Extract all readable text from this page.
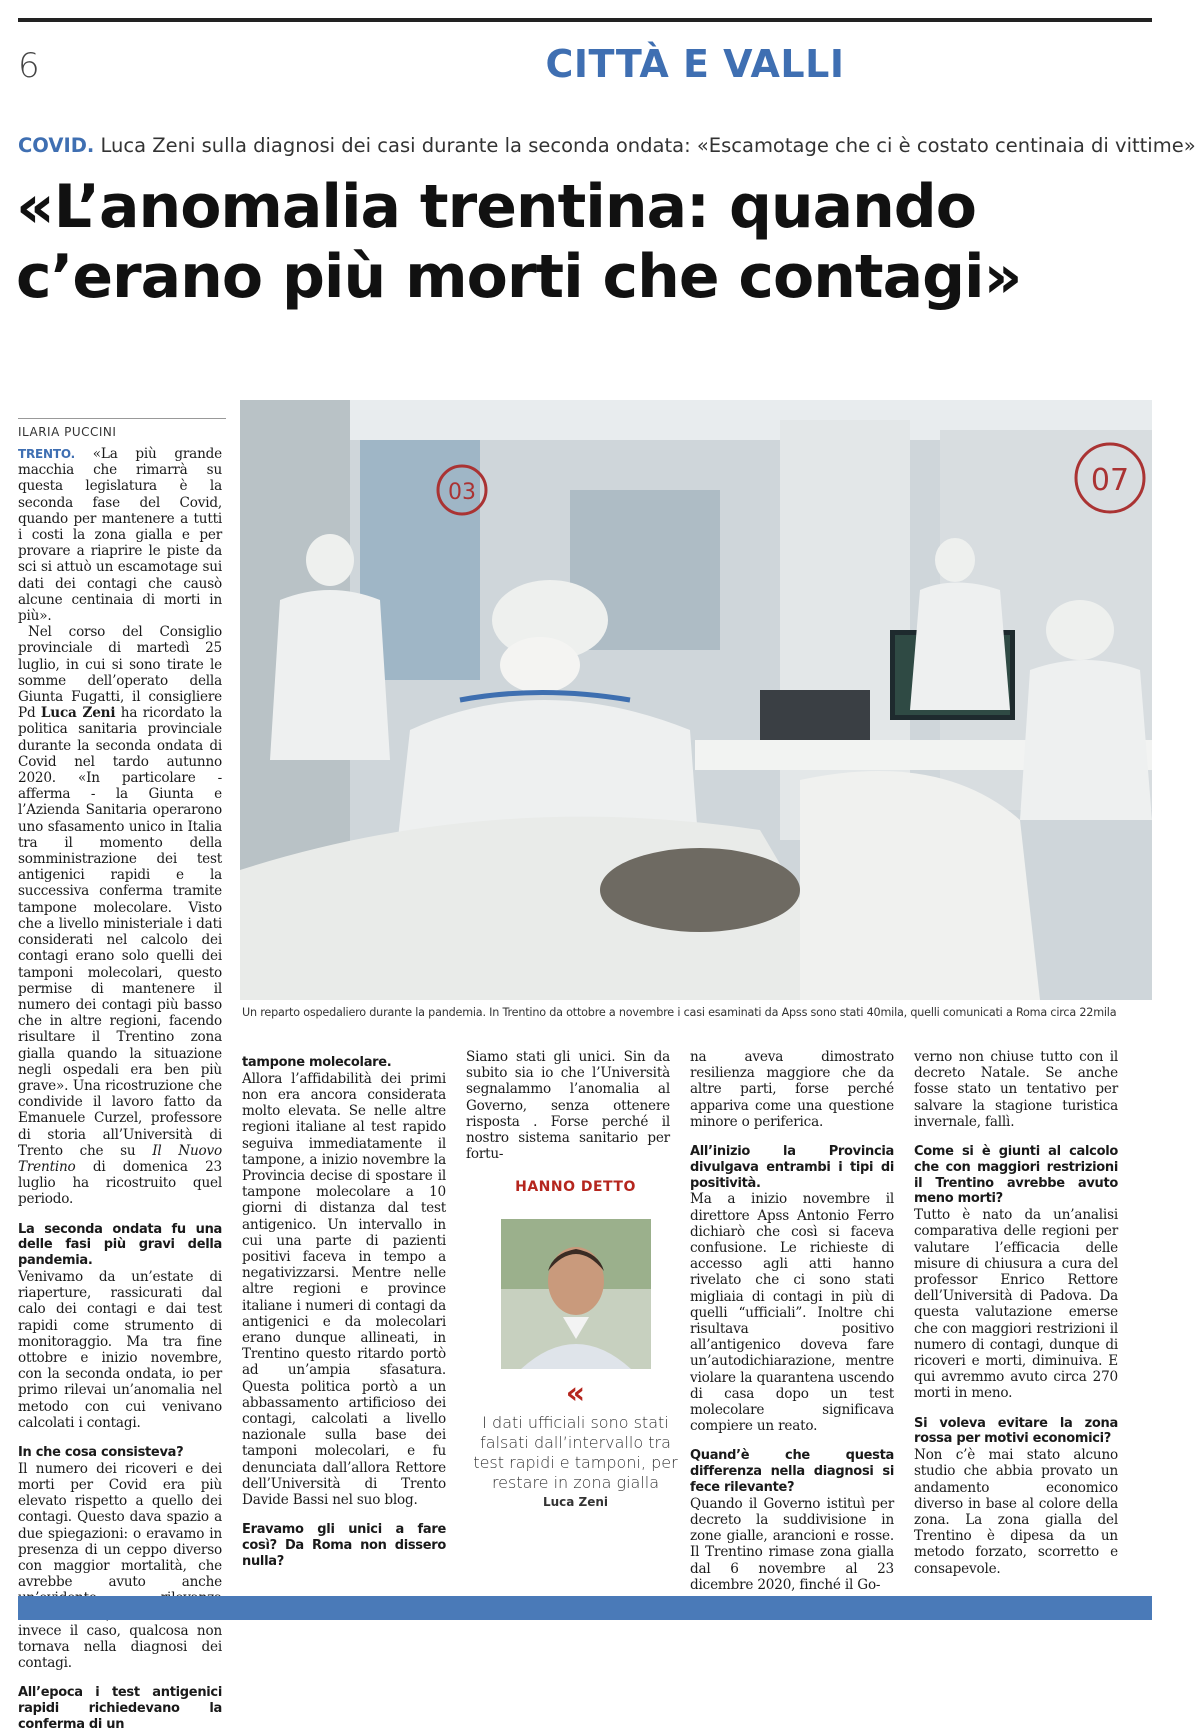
6	CITTÀ E VALLI
COVID. Luca Zeni sulla diagnosi dei casi durante la seconda ondata: «Escamotage che ci è costato centinaia di vittime»
«L’anomalia trentina: quando
c’erano più morti che contagi»
ILARIA PUCCINI
03	07
Un reparto ospedaliero durante la pandemia. In Trentino da ottobre a novembre i casi esaminati da Apss sono stati 40mila, quelli comunicati a Roma circa 22mila

TRENTO. «La più grande macchia che rimarrà su questa legislatura è la seconda fase del Covid, quando per mantenere a tutti i costi la zona gialla e per provare a riaprire le piste da sci si attuò un escamotage sui dati dei contagi che causò alcune centinaia di morti in più».

Nel corso del Consiglio provinciale di martedì 25 luglio, in cui si sono tirate le somme dell’operato della Giunta Fugatti, il consigliere Pd Luca Zeni ha ricordato la politica sanitaria provinciale durante la seconda ondata di Covid nel tardo autunno 2020. «In particolare - afferma - la Giunta e l’Azienda Sanitaria operarono uno sfasamento unico in Italia tra il momento della somministrazione dei test antigenici rapidi e la successiva conferma tramite tampone molecolare. Visto che a livello ministeriale i dati considerati nel calcolo dei contagi erano solo quelli dei tamponi molecolari, questo permise di mantenere il numero dei contagi più basso che in altre regioni, facendo risultare il Trentino zona gialla quando la situazione negli ospedali era ben più grave». Una ricostruzione che condivide il lavoro fatto da Emanuele Curzel, professore di storia all’Università di Trento che su Il Nuovo Trentino di domenica 23 luglio ha ricostruito quel periodo.

La seconda ondata fu una delle fasi più gravi della pandemia.

Venivamo da un’estate di riaperture, rassicurati dal calo dei contagi e dai test rapidi come strumento di monitoraggio. Ma tra fine ottobre e inizio novembre, con la seconda ondata, io per primo rilevai un’anomalia nel metodo con cui venivano calcolati i contagi.

In che cosa consisteva?

Il numero dei ricoveri e dei morti per Covid era più elevato rispetto a quello dei contagi. Questo dava spazio a due spiegazioni: o eravamo in presenza di un ceppo diverso con maggior mortalità, che avrebbe avuto anche invece il caso, qualcosa non tornava nella diagnosi dei contagi.

All’epoca i test antigenici rapidi richiedevano la conferma di un

tampone molecolare.

Allora l’affidabilità dei primi non era ancora considerata molto elevata. Se nelle altre regioni italiane al test rapido seguiva immediatamente il tampone, a inizio novembre la Provincia decise di spostare il tampone molecolare a 10 giorni di distanza dal test antigenico. Un intervallo in cui una parte di pazienti positivi faceva in tempo a negativizzarsi. Mentre nelle altre regioni e province italiane i numeri di contagi da antigenici e da molecolari erano dunque allineati, in Trentino questo ritardo portò ad un’ampia sfasatura. Questa politica portò a un abbassamento artificioso dei contagi, calcolati a livello nazionale sulla base dei tamponi molecolari, e fu denunciata dall’allora Rettore dell’Università di Trento Davide Bassi nel suo blog.

Eravamo gli unici a fare così? Da Roma non dissero nulla?

Siamo stati gli unici. Sin da subito sia io che l’Università segnalammo l’anomalia al Governo, senza ottenere risposta . Forse perché il nostro sistema sanitario per fortu-

HANNO DETTO
«
I dati ufficiali sono stati falsati dall’intervallo tra test rapidi e tamponi, per restare in zona gialla
Luca Zeni

na aveva dimostrato resilienza maggiore che da altre parti, forse perché appariva come una questione minore o periferica.

All’inizio la Provincia divulgava entrambi i tipi di positività.

Ma a inizio novembre il direttore Apss Antonio Ferro dichiarò che così si faceva confusione. Le richieste di accesso agli atti hanno rivelato che ci sono stati migliaia di contagi in più di quelli “ufficiali”. Inoltre chi risultava positivo all’antigenico doveva fare un’autodichiarazione, mentre violare la quarantena uscendo di casa dopo un test molecolare significava compiere un reato.

Quand’è che questa differenza nella diagnosi si fece rilevante?

Quando il Governo istituì per decreto la suddivisione in zone gialle, arancioni e rosse. Il Trentino rimase zona gialla dal 6 novembre al 23 dicembre 2020, finché il Go-

verno non chiuse tutto con il decreto Natale. Se anche fosse stato un tentativo per salvare la stagione turistica invernale, fallì.

Come si è giunti al calcolo che con maggiori restrizioni il Trentino avrebbe avuto meno morti?

Tutto è nato da un’analisi comparativa delle regioni per valutare l’efficacia delle misure di chiusura a cura del professor Enrico Rettore dell’Università di Padova. Da questa valutazione emerse che con maggiori restrizioni il numero di contagi, dunque di ricoveri e morti, diminuiva. E qui avremmo avuto circa 270 morti in meno.

Si voleva evitare la zona rossa per motivi economici?

Non c’è mai stato alcuno studio che abbia provato un andamento economico diverso in base al colore della zona. La zona gialla del Trentino è dipesa da un metodo forzato, scorretto e consapevole.
